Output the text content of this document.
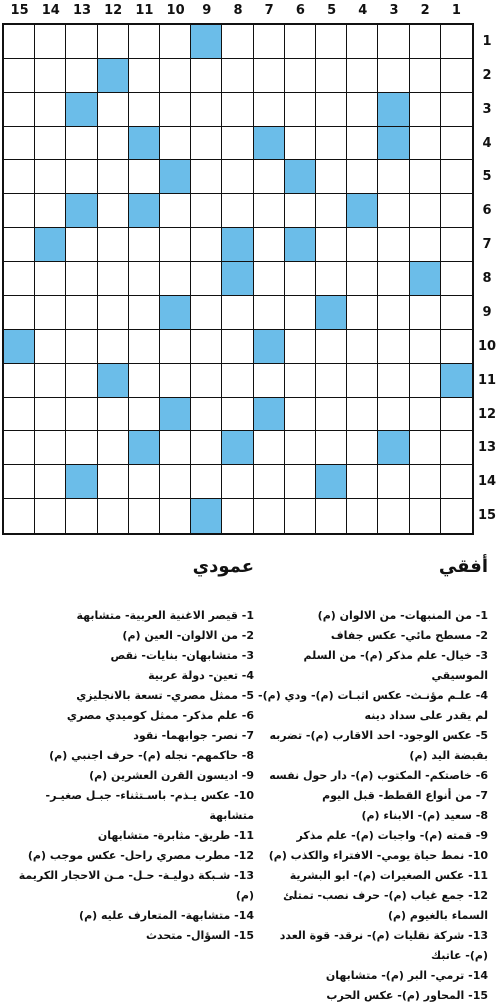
15	14	13	12	11	10	9	8	7	6	5	4	3	2	1
1
2
3
4
5
6
7
8
9
10
11
12
13
14
15
أفقي
1- من المنبهات- من الالوان (م)
2- مسطح مائي- عكس جفاف
3- خيال- علم مذكر (م)- من السلم الموسيقي
4- علـم مؤنـث- عكس اثبـات (م)- ودي (م)- لم يقدر على سداد دينه
5- عكس الوجود- احد الاقارب (م)- تضربه بقبضة اليد (م)
6- خاصتكم- المكتوب (م)- دار حول نفسه
7- من أنواع القطط- قبل اليوم
8- سعيد (م)- الابناء (م)
9- قمته (م)- واجبات (م)- علم مذكر
10- نمط حياة يومي- الافتراء والكذب (م)
11- عكس الصغيرات (م)- ابو البشرية
12- جمع غياب (م)- حرف نصب- تمتلئ السماء بالغيوم (م)
13- شركة نقليات (م)- نرقد- قوة العدد (م)- عاتبك
14- ترمي- البر (م)- متشابهان
15- المحاور (م)- عكس الحرب
عمودي
1- قيصر الاغنية العربية- متشابهة
2- من الالوان- العين (م)
3- متشابهان- بنايات- نقص
4- تعين- دولة عربية
5- ممثل مصري- تسعة بالانجليزي
6- علم مذكر- ممثل كوميدي مصري
7- نصر- جوابهما- نقود
8- حاكمهم- نجله (م)- حرف اجنبي (م)
9- اديسون القرن العشرين (م)
10- عكس يـذم- باسـتثناء- جبـل صغيـر- متشابهة
11- طريق- مثابرة- متشابهان
12- مطرب مصري راحل- عكس موجب (م)
13- شـبكة دوليـة- حـل- مـن الاحجار الكريمة (م)
14- متشابهة- المتعارف عليه (م)
15- السؤال- متحدث
